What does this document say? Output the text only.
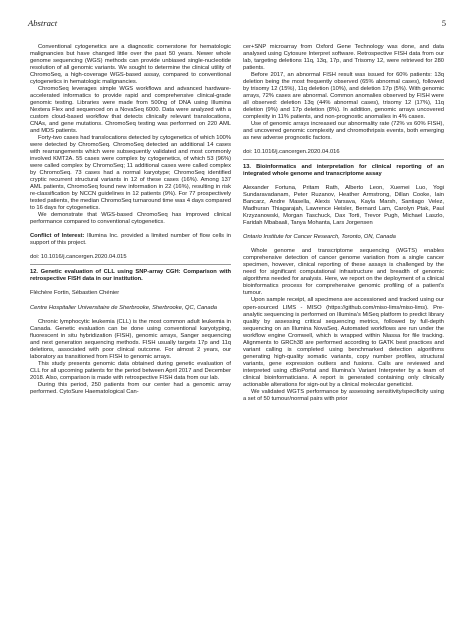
Abstract	5

Conventional cytogenetics are a diagnostic cornerstone for hematologic malignancies but have changed little over the past 50 years. Newer whole genome sequencing (WGS) methods can provide unbiased single-nucleotide resolution of all genomic variants. We sought to determine the clinical utility of ChromoSeq, a high-coverage WGS-based assay, compared to conventional cytogenetics in hematologic malignancies.

ChromoSeq leverages simple WGS workflows and advanced hardware-accelerated informatics to provide rapid and comprehensive clinical-grade genomic testing. Libraries were made from 500ng of DNA using Illumina Nextera Flex and sequenced on a NovaSeq 6000. Data were analyzed with a custom cloud-based workflow that detects clinically relevant translocations, CNAs, and gene mutations. ChromoSeq testing was performed on 220 AML and MDS patients.

Forty-two cases had translocations detected by cytogenetics of which 100% were detected by ChromoSeq. ChromoSeq detected an additional 14 cases with rearrangements which were subsequently validated and most commonly involved KMT2A. 55 cases were complex by cytogenetics, of which 53 (96%) were called complex by ChromoSeq; 11 additional cases were called complex by ChromoSeq. 73 cases had a normal karyotype; ChromoSeq identified cryptic recurrent structural variants in 12 of these cases (16%). Among 137 AML patients, ChromoSeq found new information in 22 (16%), resulting in risk re-classification by NCCN guidelines in 12 patients (9%). For 77 prospectively tested patients, the median ChromoSeq turnaround time was 4 days compared to 16 days for cytogenetics.

We demonstrate that WGS-based ChromoSeq has improved clinical performance compared to conventional cytogenetics.

Conflict of Interest: Illumina Inc. provided a limited number of flow cells in support of this project.

doi: 10.1016/j.cancergen.2020.04.015

12. Genetic evaluation of CLL using SNP-array CGH: Comparison with retrospective FISH data in our institution.

Fléchère Fortin, Sébastien Chénier

Centre Hospitalier Universitaire de Sherbrooke, Sherbrooke, QC, Canada

Chronic lymphocytic leukemia (CLL) is the most common adult leukemia in Canada. Genetic evaluation can be done using conventional karyotyping, fluorescent in situ hybridization (FISH), genomic arrays, Sanger sequencing and next generation sequencing methods. FISH usually targets 17p and 11q deletions, associated with poor clinical outcome. For almost 2 years, our laboratory as transitioned from FISH to genomic arrays.

This study presents genomic data obtained during genetic evaluation of CLL for all upcoming patients for the period between April 2017 and December 2018. Also, comparison is made with retrospective FISH data from our lab.

During this period, 250 patients from our center had a genomic array performed. CytoSure Haematological Can-

cer+SNP microarray from Oxford Gene Technology was done, and data analysed using Cytosure Interpret software. Retrospective FISH data from our lab, targeting deletions 11q, 13q, 17p, and Trisomy 12, were retrieved for 280 patients.

Before 2017, an abnormal FISH result was issued for 60% patients: 13q deletion being the most frequently observed (65% abnormal cases), followed by trisomy 12 (15%), 11q deletion (10%), and deletion 17p (5%). With genomic arrays, 72% cases are abnormal. Common anomalies observed by FISH were all observed: deletion 13q (44% abnormal cases), trisomy 12 (17%), 11q deletion (9%) and 17p deletion (8%). In addition, genomic arrays uncovered complexity in 11% patients, and non-prognostic anomalies in 4% cases.

Use of genomic arrays increased our abnormality rate (72% vs 60% FISH), and uncovered genomic complexity and chromothripsis events, both emerging as new adverse prognostic factors.

doi: 10.1016/j.cancergen.2020.04.016

13. Bioinformatics and interpretation for clinical reporting of an integrated whole genome and transcriptome assay

Alexander Fortuna, Pritam Rath, Alberto Leon, Xuemei Luo, Yogi Sundaravadanam, Peter Ruzanov, Heather Armstrong, Dillan Cooke, Iain Bancarz, Andre Masella, Alexis Varsava, Kayla Marsh, Santiago Velez, Madhuran Thiagarajah, Lawrence Heisler, Bernard Lam, Carolyn Ptak, Paul Krzyzanowski, Morgan Taschuck, Dax Torti, Trevor Pugh, Michael Laszlo, Faridah Mbabaali, Tanya Mohanta, Lars Jorgensen

Ontario Institute for Cancer Research, Toronto, ON, Canada

Whole genome and transcriptome sequencing (WGTS) enables comprehensive detection of cancer genome variation from a single cancer specimen, however, clinical reporting of these assays is challenged by the need for significant computational infrastructure and breadth of genomic algorithms needed for analysis. Here, we report on the deployment of a clinical bioinformatics process for comprehensive genomic profiling of a patient's tumour.

Upon sample receipt, all specimens are accessioned and tracked using our open-sourced LIMS - MISO (https://github.com/miso-lims/miso-lims). Pre-analytic sequencing is performed on Illumina's MiSeq platform to predict library quality by assessing critical sequencing metrics, followed by full-depth sequencing on an Illumina NovaSeq. Automated workflows are run under the workflow engine Cromwell, which is wrapped within Niassa for file tracking. Alignments to GRCh38 are performed according to GATK best practices and variant calling is completed using benchmarked detection algorithms generating high-quality somatic variants, copy number profiles, structural variants, gene expression outliers and fusions. Calls are reviewed and interpreted using cBioPortal and Illumina's Variant Interpreter by a team of clinical bioinformaticians. A report is generated containing only clinically actionable alterations for sign-out by a clinical molecular geneticist.

We validated WGTS performance by assessing sensitivity/specificity using a set of 50 tumour/normal pairs with prior
